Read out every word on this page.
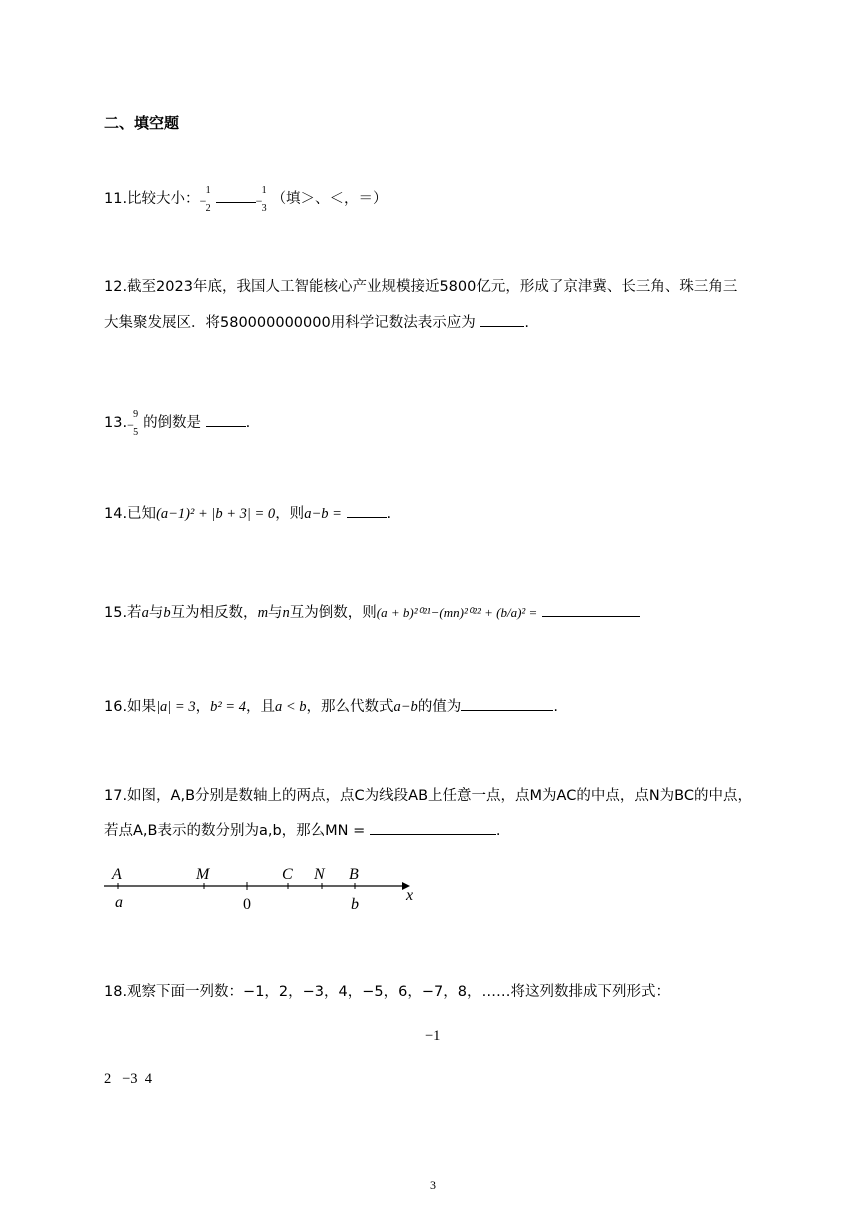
二、填空题
11.比较大小： −
1
2
−
1
3
（填＞、＜，＝）
12.截至2023年底，我国人工智能核心产业规模接近5800亿元，形成了京津冀、长三角、珠三角三
大集聚发展区．将580000000000用科学记数法表示应为	.
13. −
9
5
的倒数是	.
14.已知(a−1)² + |b + 3| = 0，则a−b =	.
15.若a与b互为相反数，m与n互为倒数，则(a + b)²⁰²¹−(mn)²⁰²² + (b/a)² =
16.如果|a| = 3，b² = 4，且a < b，那么代数式a−b的值为	.
17.如图，A,B分别是数轴上的两点，点C为线段AB上任意一点，点M为AC的中点，点N为BC的中点，
若点A,B表示的数分别为a,b，那么MN =	.
A	M	C N B
a	0	b
x
18.观察下面一列数：−1，2，−3，4，−5，6，−7，8，……将这列数排成下列形式：
−1
2   −3  4
3
